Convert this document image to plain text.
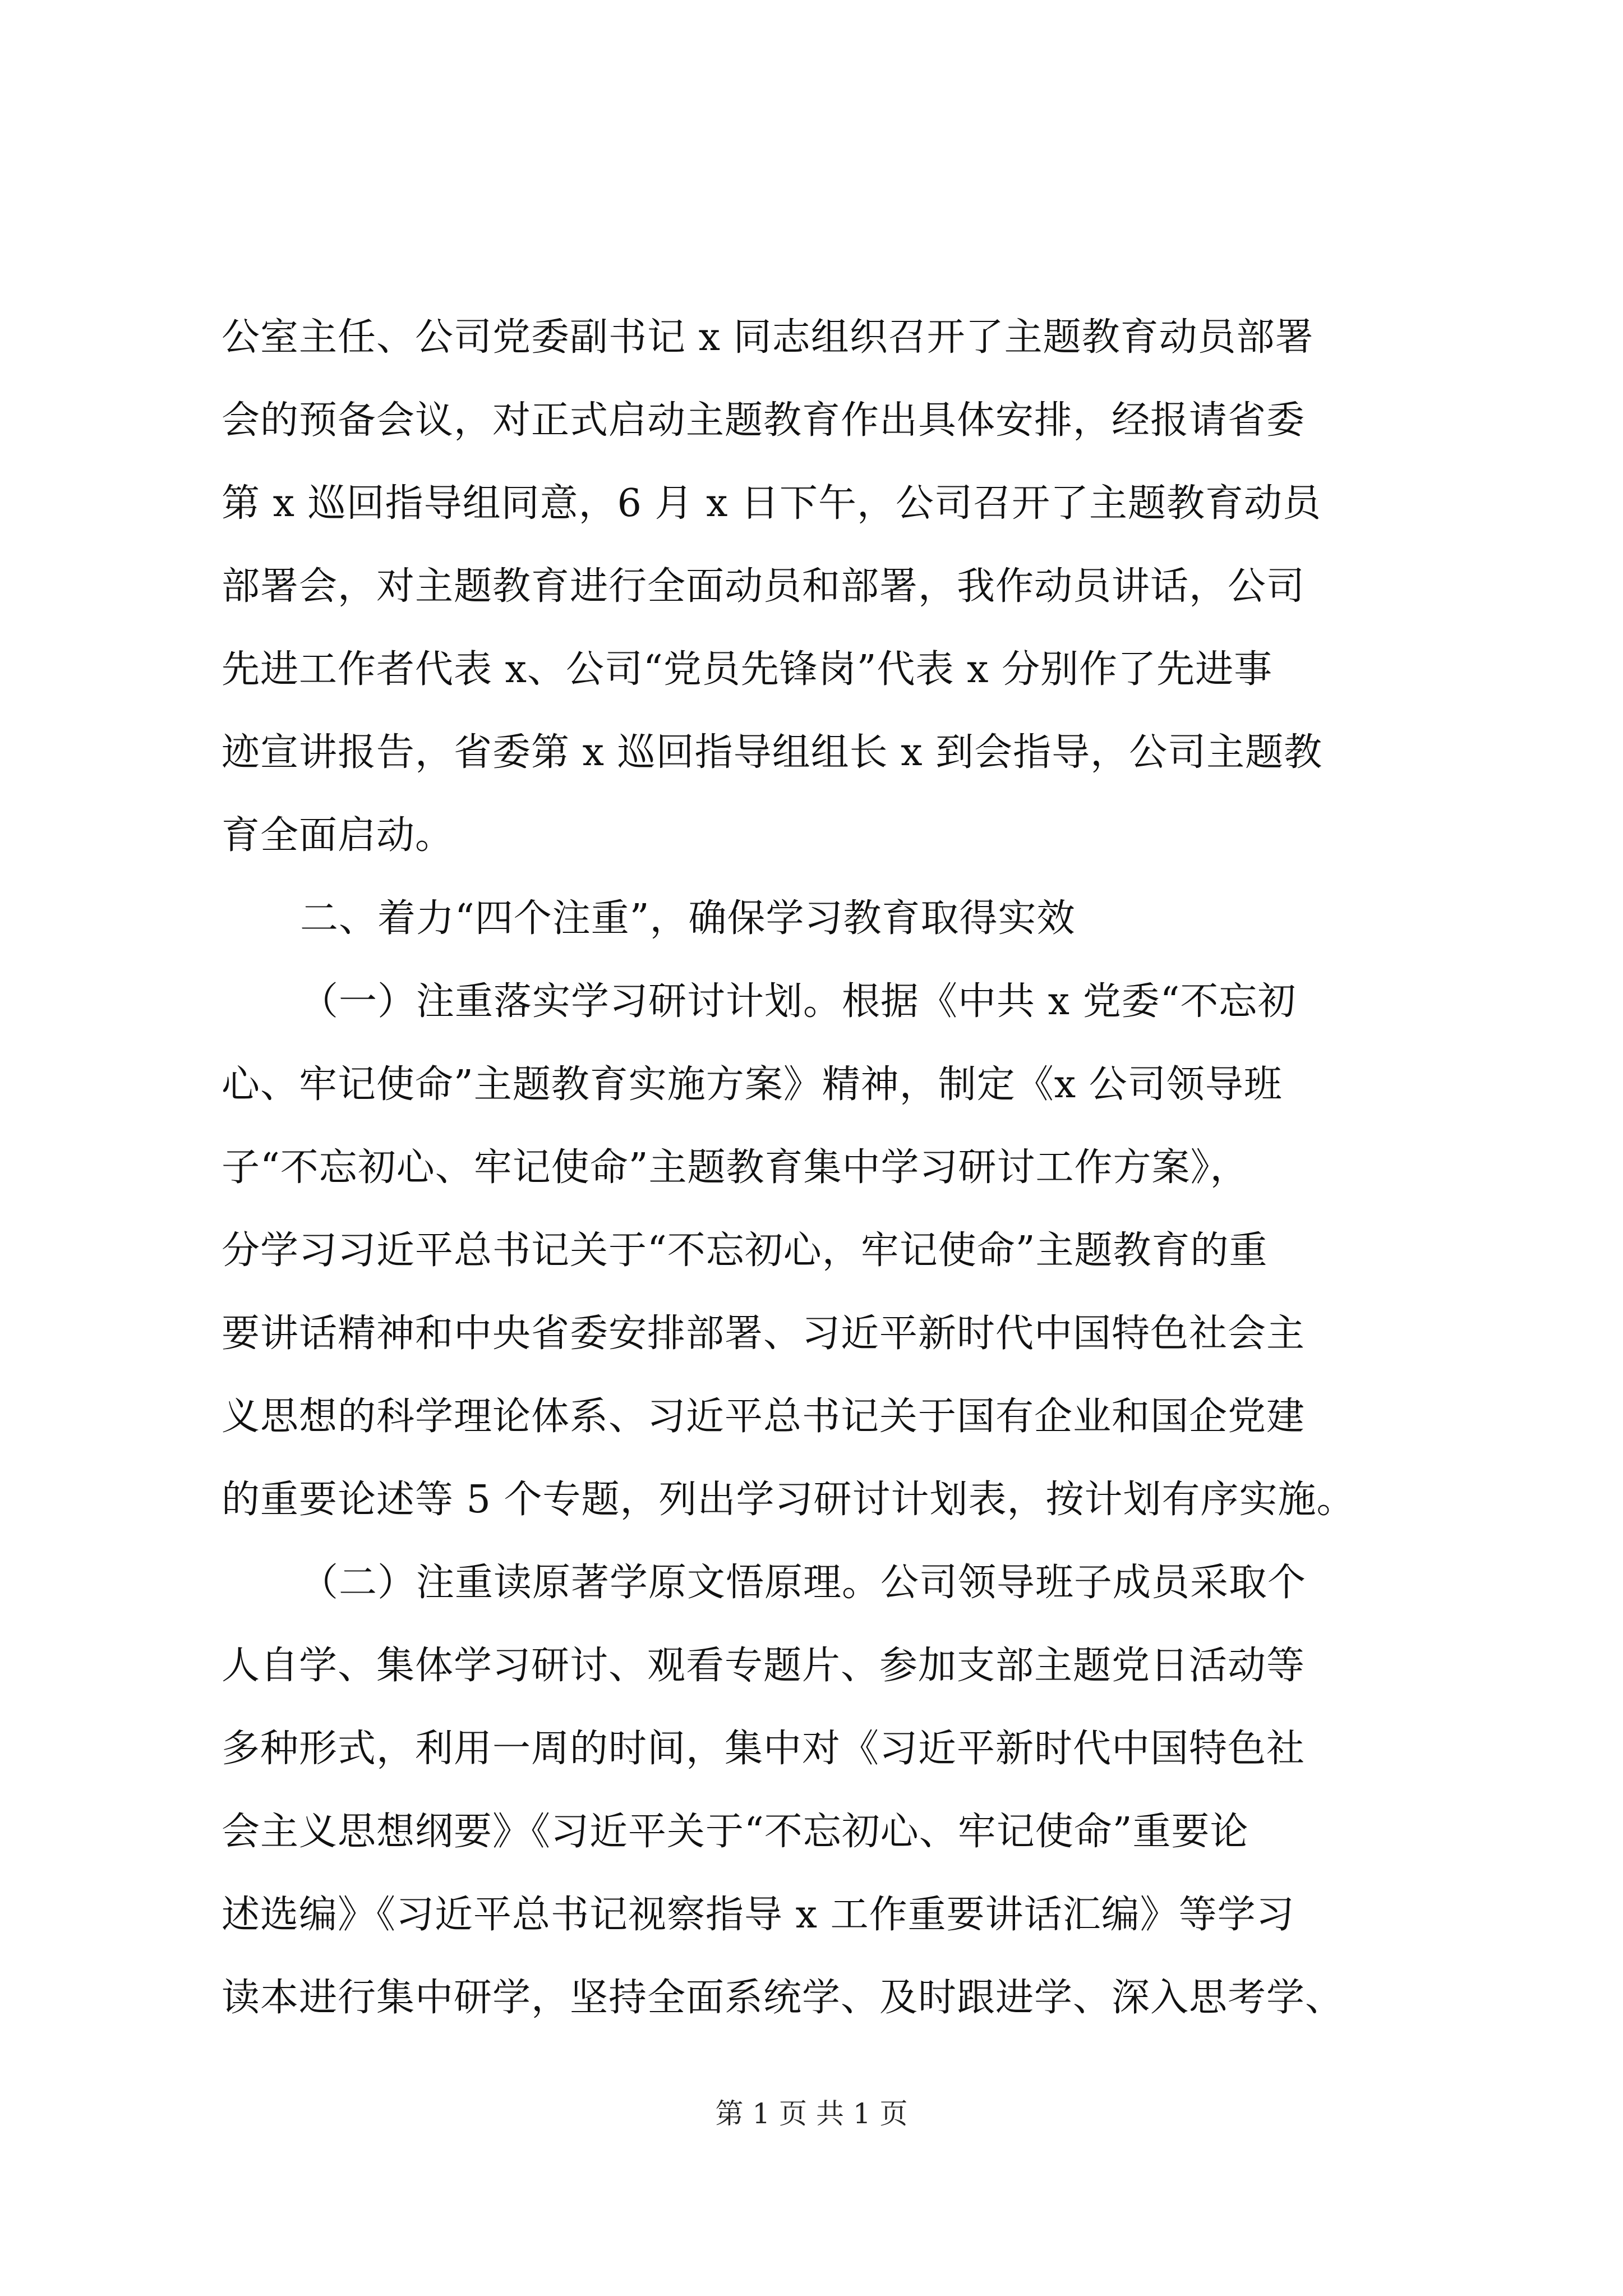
公室主任、公司党委副书记 x 同志组织召开了主题教育动员部署
会的预备会议，对正式启动主题教育作出具体安排，经报请省委
第 x 巡回指导组同意，6 月 x 日下午，公司召开了主题教育动员
部署会，对主题教育进行全面动员和部署，我作动员讲话，公司
先进工作者代表 x、公司“党员先锋岗”代表 x 分别作了先进事
迹宣讲报告，省委第 x 巡回指导组组长 x 到会指导，公司主题教
育全面启动。
二、着力“四个注重”，确保学习教育取得实效
（一）注重落实学习研讨计划。根据《中共 x 党委“不忘初
心、牢记使命”主题教育实施方案》精神，制定《x 公司领导班
子“不忘初心、牢记使命”主题教育集中学习研讨工作方案》，
分学习习近平总书记关于“不忘初心，牢记使命”主题教育的重
要讲话精神和中央省委安排部署、习近平新时代中国特色社会主
义思想的科学理论体系、习近平总书记关于国有企业和国企党建
的重要论述等 5 个专题，列出学习研讨计划表，按计划有序实施。
（二）注重读原著学原文悟原理。公司领导班子成员采取个
人自学、集体学习研讨、观看专题片、参加支部主题党日活动等
多种形式，利用一周的时间，集中对《习近平新时代中国特色社
会主义思想纲要》《习近平关于“不忘初心、牢记使命”重要论
述选编》《习近平总书记视察指导 x 工作重要讲话汇编》等学习
读本进行集中研学，坚持全面系统学、及时跟进学、深入思考学、
第 1 页 共 1 页
